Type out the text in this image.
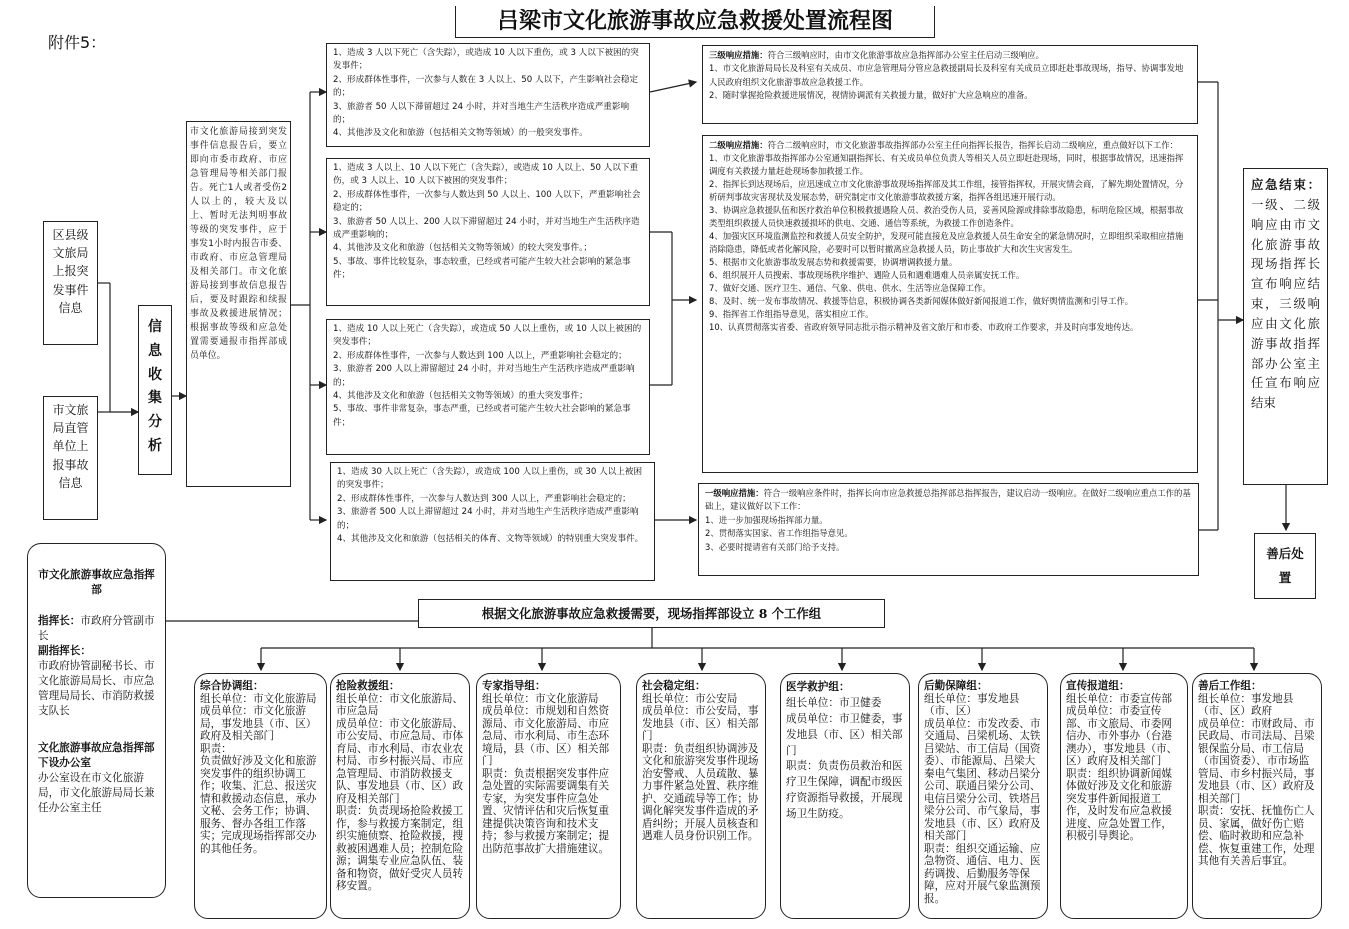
附件5：
吕梁市文化旅游事故应急救援处置流程图
区县级文旅局上报突发事件信息
市文旅局直管单位上报事故信息
信息收集分析
市文化旅游局接到突发事件信息报告后，要立即向市委市政府、市应急管理局等相关部门报告。死亡1人或者受伤2人以上的，较大及以上、暂时无法判明事故等级的突发事件，应于事发1小时内报告市委、市政府、市应急管理局及相关部门。市文化旅游局接到事故信息报告后，要及时跟踪和续报事故及救援进展情况；根据事故等级和应急处置需要通报市指挥部成员单位。
1、造成 3 人以下死亡（含失踪），或造成 10 人以下重伤，或 3 人以下被困的突发事件；
2、形成群体性事件，一次参与人数在 3 人以上、50 人以下，产生影响社会稳定的；
3、旅游者 50 人以下滞留超过 24 小时，并对当地生产生活秩序造成严重影响的；
4、其他涉及文化和旅游（包括相关文物等领域）的一般突发事件。
1、造成 3 人以上、10 人以下死亡（含失踪），或造成 10 人以上、50 人以下重伤，或 3 人以上、10 人以下被困的突发事件；
2、形成群体性事件，一次参与人数达到 50 人以上、100 人以下，严重影响社会稳定的；
3、旅游者 50 人以上、200 人以下滞留超过 24 小时，并对当地生产生活秩序造成严重影响的；
4、其他涉及文化和旅游（包括相关文物等领域）的较大突发事件。；
5、事故、事件比较复杂，事态较重，已经或者可能产生较大社会影响的紧急事件；
1、造成 10 人以上死亡（含失踪），或造成 50 人以上重伤，或 10 人以上被困的突发事件；
2、形成群体性事件，一次参与人数达到 100 人以上，严重影响社会稳定的；
3、旅游者 200 人以上滞留超过 24 小时，并对当地生产生活秩序造成严重影响的；
4、其他涉及文化和旅游（包括相关文物等领域）的重大突发事件；
5、事故、事件非常复杂，事态严重，已经或者可能产生较大社会影响的紧急事件；
1、造成 30 人以上死亡（含失踪），或造成 100 人以上重伤，或 30 人以上被困的突发事件；
2、形成群体性事件，一次参与人数达到 300 人以上，严重影响社会稳定的；
3、旅游者 500 人以上滞留超过 24 小时，并对当地生产生活秩序造成严重影响的；
4、其他涉及文化和旅游（包括相关的体育、文物等领域）的特别重大突发事件。
三级响应措施：符合三级响应时，由市文化旅游事故应急指挥部办公室主任启动三级响应。
1、市文化旅游局局长及科室有关成员、市应急管理局分管应急救援副局长及科室有关成员立即赶赴事故现场，指导、协调事发地人民政府组织文化旅游事故应急救援工作。
2、随时掌握抢险救援进展情况，视情协调派有关救援力量，做好扩大应急响应的准备。
二级响应措施：符合二级响应时，市文化旅游事故指挥部办公室主任向指挥长报告，指挥长启动二级响应，重点做好以下工作：
1、市文化旅游事故指挥部办公室通知副指挥长、有关成员单位负责人等相关人员立即赶赴现场，同时，根据事故情况，迅速指挥调度有关救援力量赶赴现场参加救援工作。
2、指挥长到达现场后，应迅速成立市文化旅游事故现场指挥部及其工作组，接管指挥权，开展灾情会商，了解先期处置情况，分析研判事故灾害现状及发展态势，研究制定市文化旅游事故救援方案，指挥各组迅速开展行动。
3、协调应急救援队伍和医疗救治单位积极救援遇险人员、救治受伤人员，妥善风险源或排除事故隐患，标明危险区域，根据事故类型组织救援人员快速救援损坏的供电、交通、通信等系统，为救援工作创造条件。
4、加强灾区环境监测监控和救援人员安全防护，发现可能直接危及应急救援人员生命安全的紧急情况时，立即组织采取相应措施消除隐患，降低或者化解风险，必要时可以暂时撤离应急救援人员，防止事故扩大和次生灾害发生。
5、根据市文化旅游事故发展态势和救援需要，协调增调救援力量。
6、组织展开人员搜索、事故现场秩序维护、遇险人员和遇难遇难人员亲属安抚工作。
7、做好交通、医疗卫生、通信、气象、供电、供水、生活等应急保障工作。
8、及时、统一发布事故情况、救援等信息，积极协调各类新闻媒体做好新闻报道工作，做好舆情监测和引导工作。
9、指挥省工作组指导意见，落实相应工作。
10、认真贯彻落实省委、省政府领导同志批示指示精神及省文旅厅和市委、市政府工作要求，并及时向事发地传达。
一级响应措施：符合一级响应条件时，指挥长向市应急救援总指挥部总指挥报告，建议启动一级响应。在做好二级响应重点工作的基础上，建议做好以下工作：
1、进一步加强现场指挥部力量。
2、贯彻落实国家、省工作组指导意见。
3、必要时提请省有关部门给予支持。
应急结束：一级、二级响应由市文化旅游事故现场指挥长宣布响应结束，三级响应由文化旅游事故指挥部办公室主任宣布响应结束
善后处置
市文化旅游事故应急指挥部
指挥长：市政府分管副市长
副指挥长：
市政府协管副秘书长、市文化旅游局局长、市应急管理局局长、市消防救援支队长
文化旅游事故应急指挥部下设办公室
办公室设在市文化旅游局，市文化旅游局局长兼任办公室主任
根据文化旅游事故应急救援需要，现场指挥部设立 8 个工作组
综合协调组：
组长单位：市文化旅游局
成员单位：市文化旅游局，事发地县（市、区）政府及相关部门
职责：
负责做好涉及文化和旅游突发事件的组织协调工作；收集、汇总、报送灾情和救援动态信息，承办文秘、会务工作；协调、服务、督办各组工作落实；完成现场指挥部交办的其他任务。
抢险救援组：
组长单位：市文化旅游局、市应急局
成员单位：市文化旅游局、市公安局、市应急局、市体育局、市水利局、市农业农村局、市乡村振兴局、市应急管理局、市消防救援支队、事发地县（市、区）政府及相关部门
职责：负责现场抢险救援工作，参与救援方案制定，组织实施侦察、抢险救援，搜救被困遇难人员；控制危险源；调集专业应急队伍、装备和物资，做好受灾人员转移安置。
专家指导组：
组长单位：市文化旅游局
成员单位：市规划和自然资源局、市文化旅游局、市应急局、市水利局、市生态环境局，县（市、区）相关部门
职责：负责根据突发事件应急处置的实际需要调集有关专家，为突发事件应急处置、灾情评估和灾后恢复重建提供决策咨询和技术支持；参与救援方案制定；提出防范事故扩大措施建议。
社会稳定组：
组长单位：市公安局
成员单位：市公安局，事发地县（市、区）相关部门
职责：负责组织协调涉及文化和旅游突发事件现场治安警戒、人员疏散、暴力事件紧急处置、秩序维护、交通疏导等工作；协调化解突发事件造成的矛盾纠纷；开展人员核查和遇难人员身份识别工作。
医学救护组：
组长单位：市卫健委
成员单位：市卫健委，事发地县（市、区）相关部门
职责：负责伤员救治和医疗卫生保障，调配市级医疗资源指导救援，开展现场卫生防疫。
后勤保障组：
组长单位：事发地县（市、区）
成员单位：市发改委、市交通局、吕梁机场、太铁吕梁站、市工信局（国资委）、市能源局、吕梁大秦电气集团、移动吕梁分公司、联通吕梁分公司、电信吕梁分公司、铁塔吕梁分公司、市气象局，事发地县（市、区）政府及相关部门
职责：组织交通运输、应急物资、通信、电力、医药调拨、后勤服务等保障，应对开展气象监测预报。
宣传报道组：
组长单位：市委宣传部
成员单位：市委宣传部、市文旅局、市委网信办、市外事办（台港澳办），事发地县（市、区）政府及相关部门
职责：组织协调新闻媒体做好涉及文化和旅游突发事件新闻报道工作，及时发布应急救援进度、应急处置工作，积极引导舆论。
善后工作组：
组长单位：事发地县（市、区）政府
成员单位：市财政局、市民政局、市司法局、吕梁银保监分局、市工信局（市国资委）、市市场监管局、市乡村振兴局，事发地县（市、区）政府及相关部门
职责：安抚、抚恤伤亡人员、家属，做好伤亡赔偿、临时救助和应急补偿、恢复重建工作，处理其他有关善后事宜。
